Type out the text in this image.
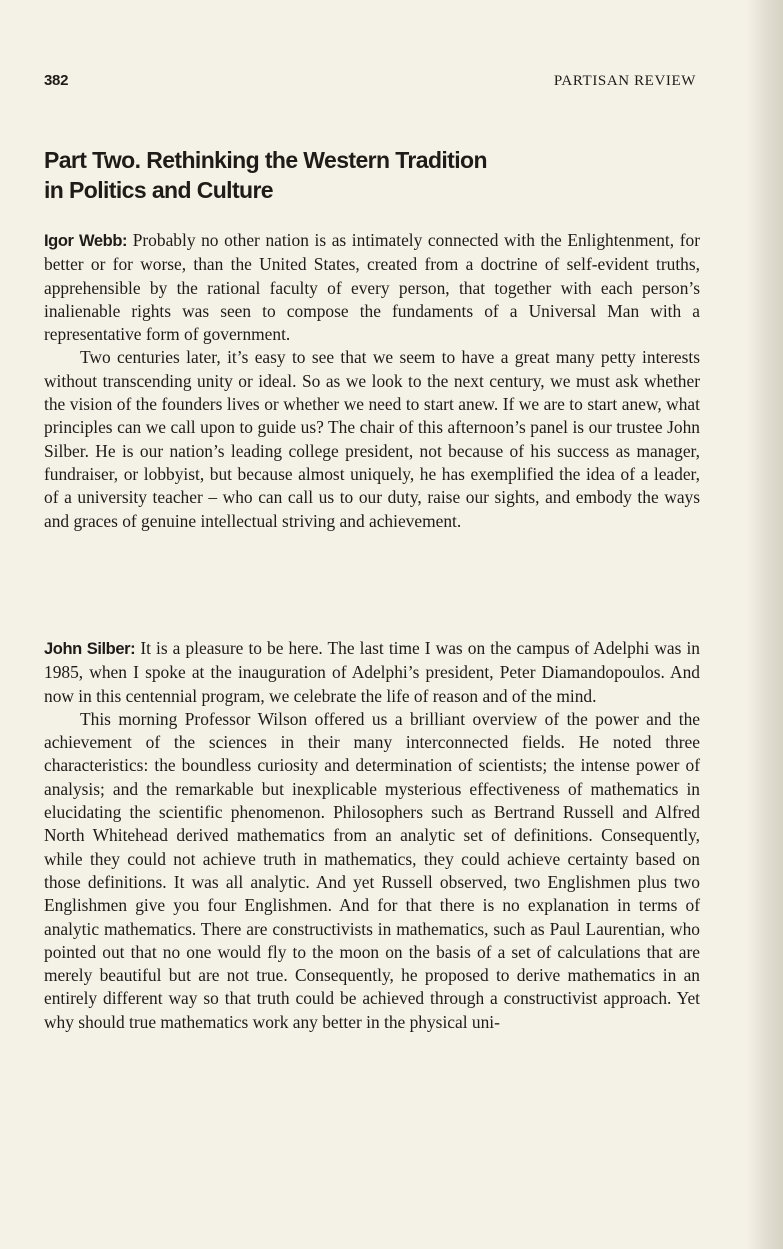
382	PARTISAN REVIEW
Part Two. Rethinking the Western Tradition
in Politics and Culture

Igor Webb: Probably no other nation is as intimately connected with the Enlightenment, for better or for worse, than the United States, created from a doctrine of self-evident truths, apprehensible by the rational faculty of every person, that together with each person’s inalienable rights was seen to compose the fundaments of a Universal Man with a representative form of government.

Two centuries later, it’s easy to see that we seem to have a great many petty interests without transcending unity or ideal. So as we look to the next century, we must ask whether the vision of the founders lives or whether we need to start anew. If we are to start anew, what principles can we call upon to guide us? The chair of this afternoon’s panel is our trustee John Silber. He is our nation’s leading college president, not because of his success as manager, fundraiser, or lobbyist, but because almost uniquely, he has exemplified the idea of a leader, of a university teacher – who can call us to our duty, raise our sights, and embody the ways and graces of genuine intellectual striving and achievement.

John Silber: It is a pleasure to be here. The last time I was on the campus of Adelphi was in 1985, when I spoke at the inauguration of Adelphi’s president, Peter Diamandopoulos. And now in this centennial program, we celebrate the life of reason and of the mind.

This morning Professor Wilson offered us a brilliant overview of the power and the achievement of the sciences in their many interconnected fields. He noted three characteristics: the boundless curiosity and determination of scientists; the intense power of analysis; and the remarkable but inexplicable mysterious effectiveness of mathematics in elucidating the scientific phenomenon. Philosophers such as Bertrand Russell and Alfred North Whitehead derived mathematics from an analytic set of definitions. Consequently, while they could not achieve truth in mathematics, they could achieve certainty based on those definitions. It was all analytic. And yet Russell observed, two Englishmen plus two Englishmen give you four Englishmen. And for that there is no explanation in terms of analytic mathematics. There are constructivists in mathematics, such as Paul Laurentian, who pointed out that no one would fly to the moon on the basis of a set of calculations that are merely beautiful but are not true. Consequently, he proposed to derive mathematics in an entirely different way so that truth could be achieved through a constructivist approach. Yet why should true mathematics work any better in the physical uni-
